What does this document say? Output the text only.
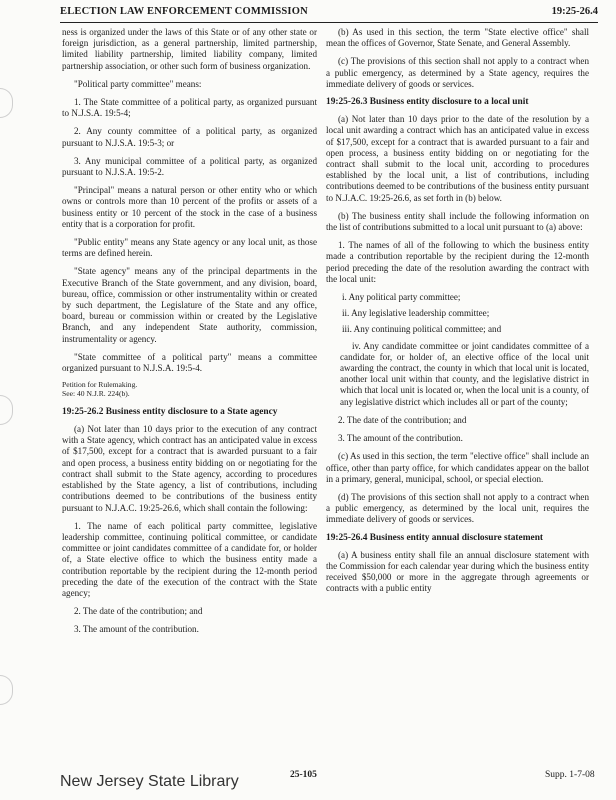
ELECTION LAW ENFORCEMENT COMMISSION	19:25-26.4

ness is organized under the laws of this State or of any other state or foreign jurisdiction, as a general partnership, limited partnership, limited liability partnership, limited liability company, limited partnership association, or other such form of business organization.

"Political party committee" means:

1. The State committee of a political party, as organized pursuant to N.J.S.A. 19:5-4;

2. Any county committee of a political party, as organized pursuant to N.J.S.A. 19:5-3; or

3. Any municipal committee of a political party, as organized pursuant to N.J.S.A. 19:5-2.

"Principal" means a natural person or other entity who or which owns or controls more than 10 percent of the profits or assets of a business entity or 10 percent of the stock in the case of a business entity that is a corporation for profit.

"Public entity" means any State agency or any local unit, as those terms are defined herein.

"State agency" means any of the principal departments in the Executive Branch of the State government, and any division, board, bureau, office, commission or other instrumentality within or created by such department, the Legislature of the State and any office, board, bureau or commission within or created by the Legislative Branch, and any independent State authority, commission, instrumentality or agency.

"State committee of a political party" means a committee organized pursuant to N.J.S.A. 19:5-4.

Petition for Rulemaking.
See: 40 N.J.R. 224(b).

19:25-26.2 Business entity disclosure to a State agency

(a) Not later than 10 days prior to the execution of any contract with a State agency, which contract has an anticipated value in excess of $17,500, except for a contract that is awarded pursuant to a fair and open process, a business entity bidding on or negotiating for the contract shall submit to the State agency, according to procedures established by the State agency, a list of contributions, including contributions deemed to be contributions of the business entity pursuant to N.J.A.C. 19:25-26.6, which shall contain the following:

1. The name of each political party committee, legislative leadership committee, continuing political committee, or candidate committee or joint candidates committee of a candidate for, or holder of, a State elective office to which the business entity made a contribution reportable by the recipient during the 12-month period preceding the date of the execution of the contract with the State agency;

2. The date of the contribution; and

3. The amount of the contribution.

(b) As used in this section, the term "State elective office" shall mean the offices of Governor, State Senate, and General Assembly.

(c) The provisions of this section shall not apply to a contract when a public emergency, as determined by a State agency, requires the immediate delivery of goods or services.

19:25-26.3 Business entity disclosure to a local unit

(a) Not later than 10 days prior to the date of the resolution by a local unit awarding a contract which has an anticipated value in excess of $17,500, except for a contract that is awarded pursuant to a fair and open process, a business entity bidding on or negotiating for the contract shall submit to the local unit, according to procedures established by the local unit, a list of contributions, including contributions deemed to be contributions of the business entity pursuant to N.J.A.C. 19:25-26.6, as set forth in (b) below.

(b) The business entity shall include the following information on the list of contributions submitted to a local unit pursuant to (a) above:

1. The names of all of the following to which the business entity made a contribution reportable by the recipient during the 12-month period preceding the date of the resolution awarding the contract with the local unit:

i. Any political party committee;

ii. Any legislative leadership committee;

iii. Any continuing political committee; and

iv. Any candidate committee or joint candidates committee of a candidate for, or holder of, an elective office of the local unit awarding the contract, the county in which that local unit is located, another local unit within that county, and the legislative district in which that local unit is located or, when the local unit is a county, of any legislative district which includes all or part of the county;

2. The date of the contribution; and

3. The amount of the contribution.

(c) As used in this section, the term "elective office" shall include an office, other than party office, for which candidates appear on the ballot in a primary, general, municipal, school, or special election.

(d) The provisions of this section shall not apply to a contract when a public emergency, as determined by the local unit, requires the immediate delivery of goods or services.

19:25-26.4 Business entity annual disclosure statement

(a) A business entity shall file an annual disclosure statement with the Commission for each calendar year during which the business entity received $50,000 or more in the aggregate through agreements or contracts with a public entity

New Jersey State Library	25-105	Supp. 1-7-08
